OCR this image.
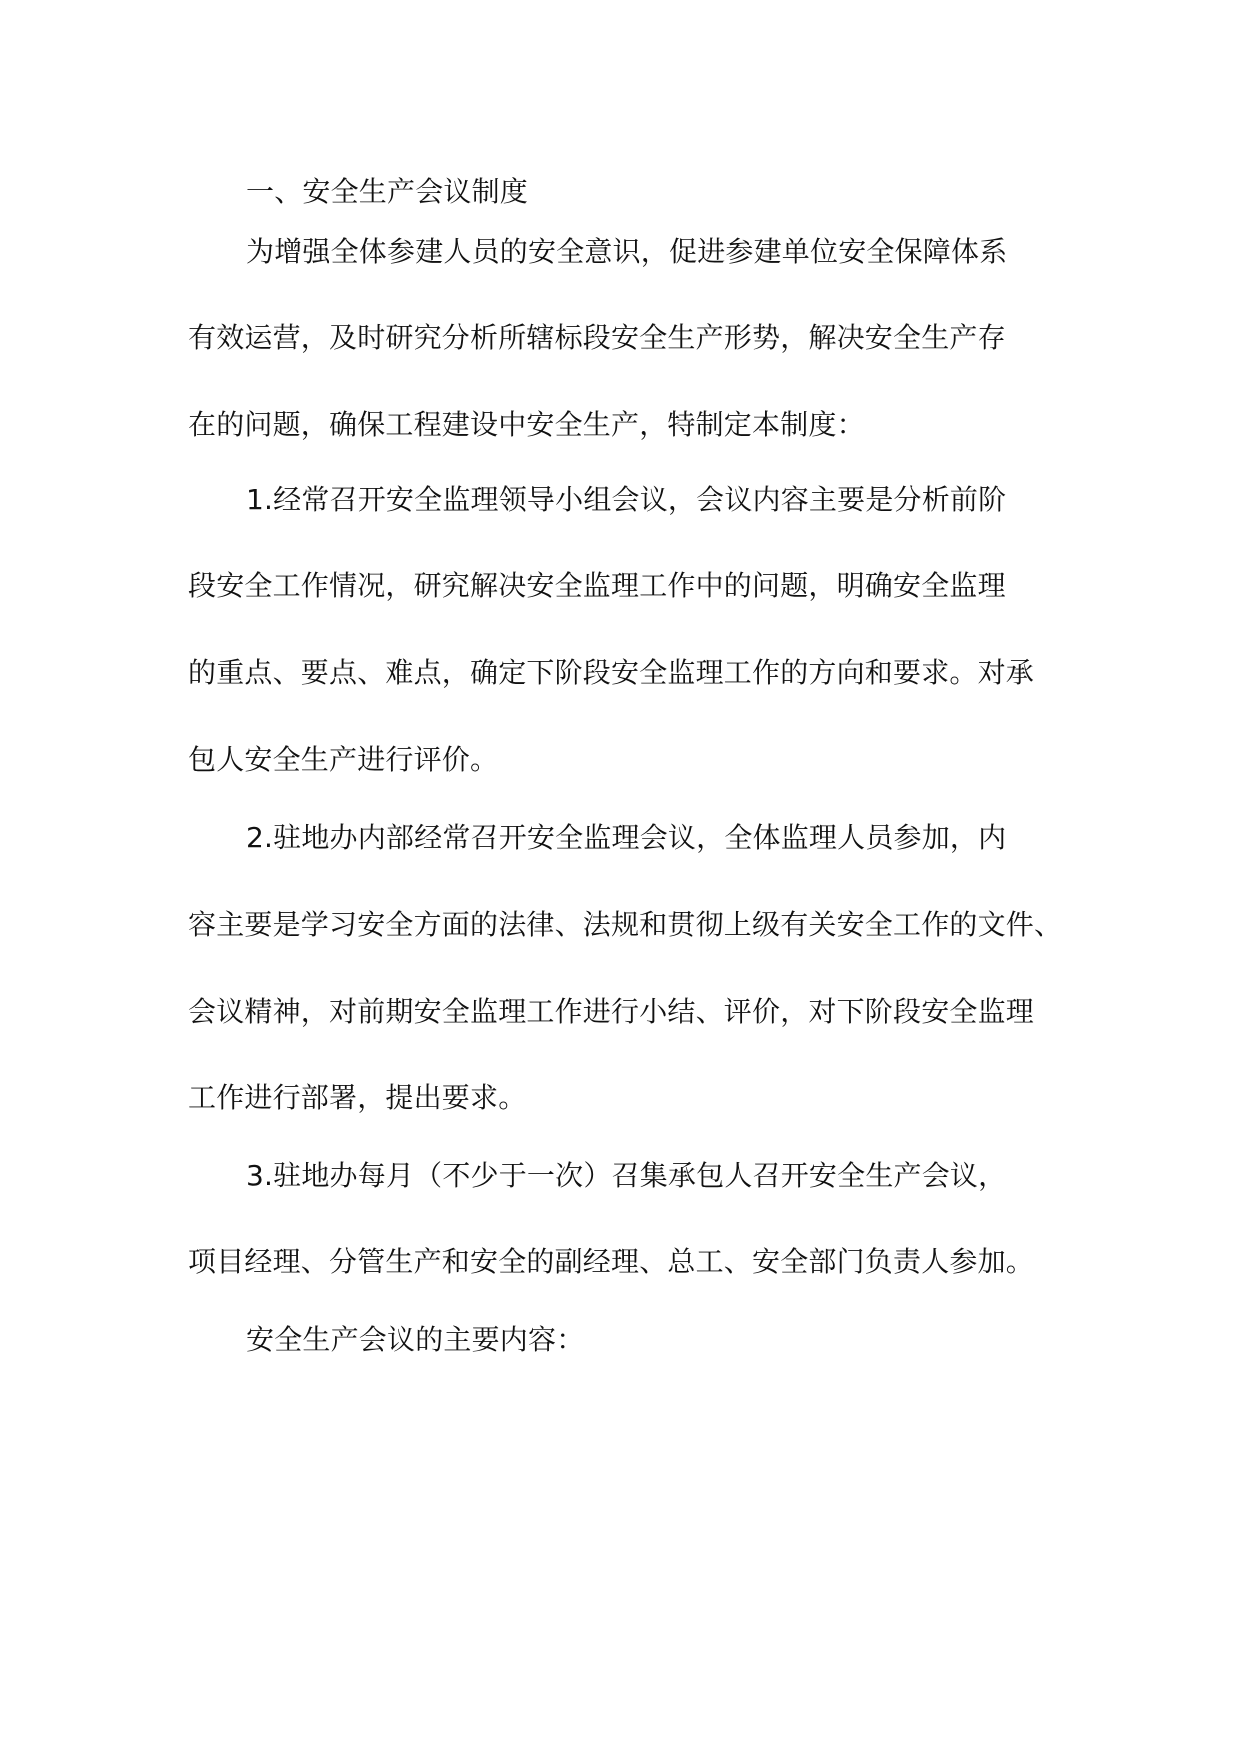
一、安全生产会议制度
为增强全体参建人员的安全意识，促进参建单位安全保障体系
有效运营，及时研究分析所辖标段安全生产形势，解决安全生产存
在的问题，确保工程建设中安全生产，特制定本制度：
1.经常召开安全监理领导小组会议，会议内容主要是分析前阶
段安全工作情况，研究解决安全监理工作中的问题，明确安全监理
的重点、要点、难点，确定下阶段安全监理工作的方向和要求。对承
包人安全生产进行评价。
2.驻地办内部经常召开安全监理会议，全体监理人员参加，内
容主要是学习安全方面的法律、法规和贯彻上级有关安全工作的文件、
会议精神，对前期安全监理工作进行小结、评价，对下阶段安全监理
工作进行部署，提出要求。
3.驻地办每月（不少于一次）召集承包人召开安全生产会议，
项目经理、分管生产和安全的副经理、总工、安全部门负责人参加。
安全生产会议的主要内容：
